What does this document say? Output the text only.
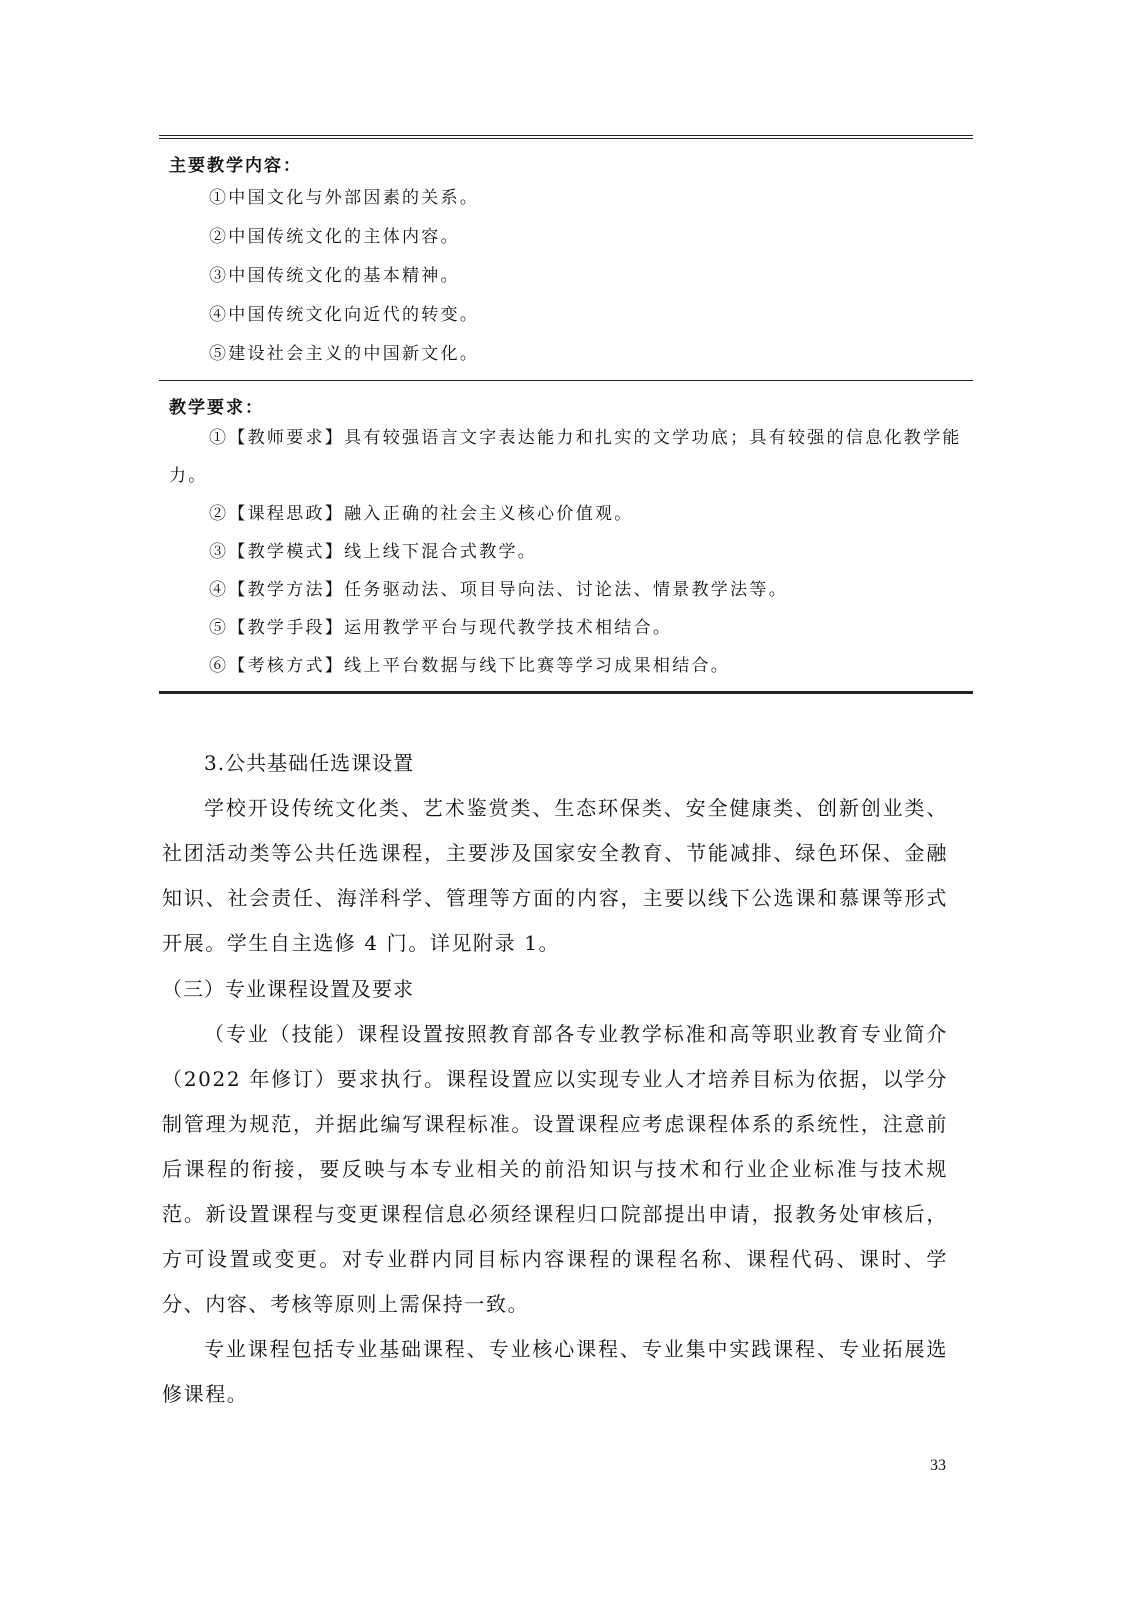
主要教学内容：
①中国文化与外部因素的关系。
②中国传统文化的主体内容。
③中国传统文化的基本精神。
④中国传统文化向近代的转变。
⑤建设社会主义的中国新文化。
教学要求：
①【教师要求】具有较强语言文字表达能力和扎实的文学功底；具有较强的信息化教学能力。
②【课程思政】融入正确的社会主义核心价值观。
③【教学模式】线上线下混合式教学。
④【教学方法】任务驱动法、项目导向法、讨论法、情景教学法等。
⑤【教学手段】运用教学平台与现代教学技术相结合。
⑥【考核方式】线上平台数据与线下比赛等学习成果相结合。
3.公共基础任选课设置
学校开设传统文化类、艺术鉴赏类、生态环保类、安全健康类、创新创业类、社团活动类等公共任选课程，主要涉及国家安全教育、节能减排、绿色环保、金融知识、社会责任、海洋科学、管理等方面的内容，主要以线下公选课和慕课等形式开展。学生自主选修 4 门。详见附录 1。
（三）专业课程设置及要求
（专业（技能）课程设置按照教育部各专业教学标准和高等职业教育专业简介（2022 年修订）要求执行。课程设置应以实现专业人才培养目标为依据，以学分制管理为规范，并据此编写课程标准。设置课程应考虑课程体系的系统性，注意前后课程的衔接，要反映与本专业相关的前沿知识与技术和行业企业标准与技术规范。新设置课程与变更课程信息必须经课程归口院部提出申请，报教务处审核后，方可设置或变更。对专业群内同目标内容课程的课程名称、课程代码、课时、学分、内容、考核等原则上需保持一致。
专业课程包括专业基础课程、专业核心课程、专业集中实践课程、专业拓展选修课程。
33
